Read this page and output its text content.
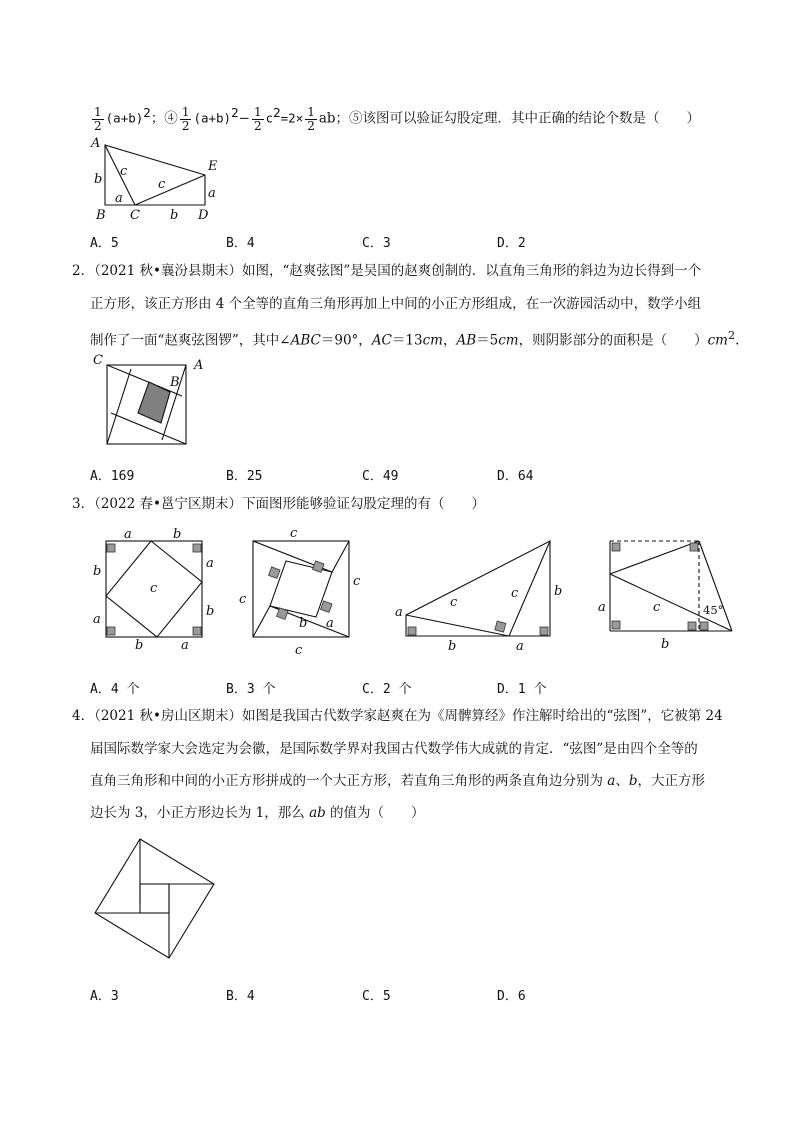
$\frac{1}{2} (a+b)^2$；④ $\frac{1}{2} (a+b)^2- \frac{1}{2} c^2=2\times \frac{1}{2}$ ab；⑤该图可以验证勾股定理．其中正确的结论个数是（　　）
A
b
c
c
E
a
a
B C b D
A．5	B．4	C．3	D．2
2．（2021 秋•襄汾县期末）如图，“赵爽弦图”是吴国的赵爽创制的．以直角三角形的斜边为边长得到一个
正方形，该正方形由 4 个全等的直角三角形再加上中间的小正方形组成，在一次游园活动中，数学小组
制作了一面“赵爽弦图锣”，其中∠ABC＝90°，AC＝13cm，AB＝5cm，则阴影部分的面积是（　　）$cm^2$.
C	A
B
A．169	B．25	C．49	D．64
3．（2022 春•邕宁区期末）下面图形能够验证勾股定理的有（　　）
a	b
b
a
a
b
b	a
c
c
c
c
c
b a
a
c
c
b	a
b
a	c
b
45°
A．4 个	B．3 个	C．2 个	D．1 个
4．（2021 秋•房山区期末）如图是我国古代数学家赵爽在为《周髀算经》作注解时给出的“弦图”，它被第 24
届国际数学家大会选定为会徽，是国际数学界对我国古代数学伟大成就的肯定．“弦图”是由四个全等的
直角三角形和中间的小正方形拼成的一个大正方形，若直角三角形的两条直角边分别为 a、b，大正方形
边长为 3，小正方形边长为 1，那么 ab 的值为（　　）
A．3	B．4	C．5	D．6
